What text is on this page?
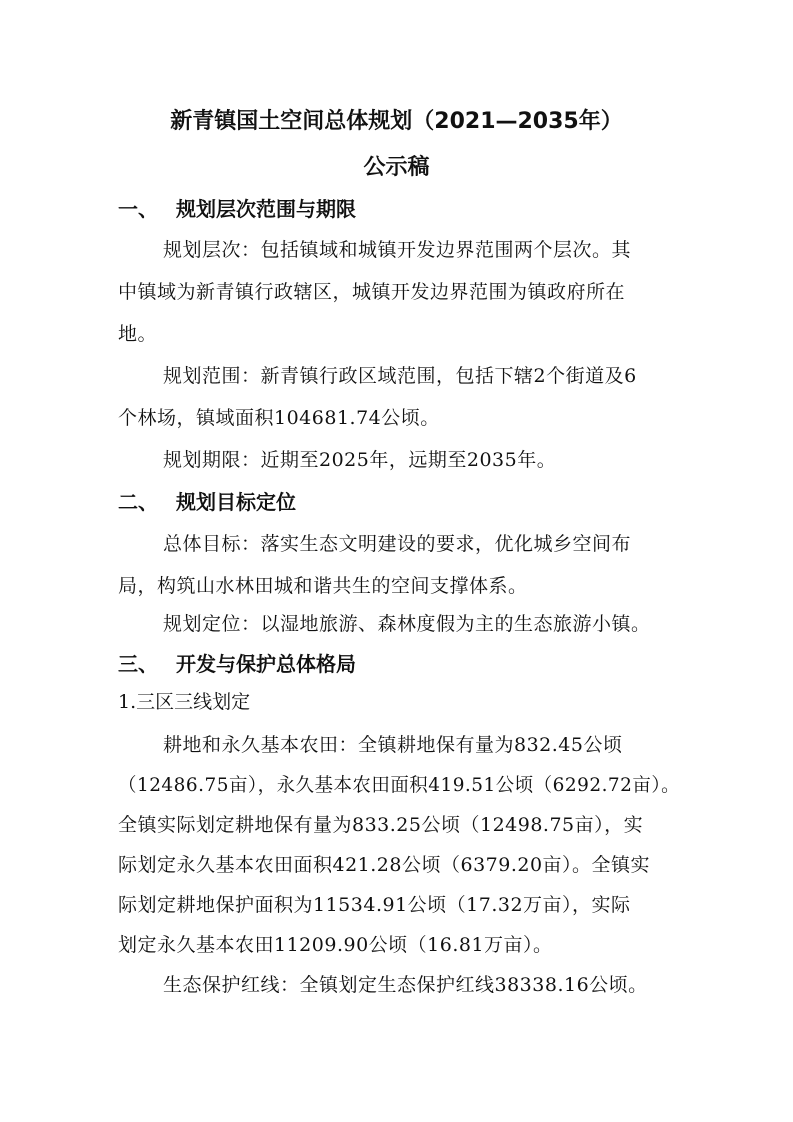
新青镇国土空间总体规划（2021—2035年）
公示稿
一、 规划层次范围与期限
规划层次：包括镇域和城镇开发边界范围两个层次。其
中镇域为新青镇行政辖区，城镇开发边界范围为镇政府所在
地。
规划范围：新青镇行政区域范围，包括下辖2个街道及6
个林场，镇域面积104681.74公顷。
规划期限：近期至2025年，远期至2035年。
二、 规划目标定位
总体目标：落实生态文明建设的要求，优化城乡空间布
局，构筑山水林田城和谐共生的空间支撑体系。
规划定位：以湿地旅游、森林度假为主的生态旅游小镇。
三、 开发与保护总体格局
1.三区三线划定
耕地和永久基本农田：全镇耕地保有量为832.45公顷
（12486.75亩），永久基本农田面积419.51公顷（6292.72亩）。
全镇实际划定耕地保有量为833.25公顷（12498.75亩），实
际划定永久基本农田面积421.28公顷（6379.20亩）。全镇实
际划定耕地保护面积为11534.91公顷（17.32万亩），实际
划定永久基本农田11209.90公顷（16.81万亩）。
生态保护红线：全镇划定生态保护红线38338.16公顷。
